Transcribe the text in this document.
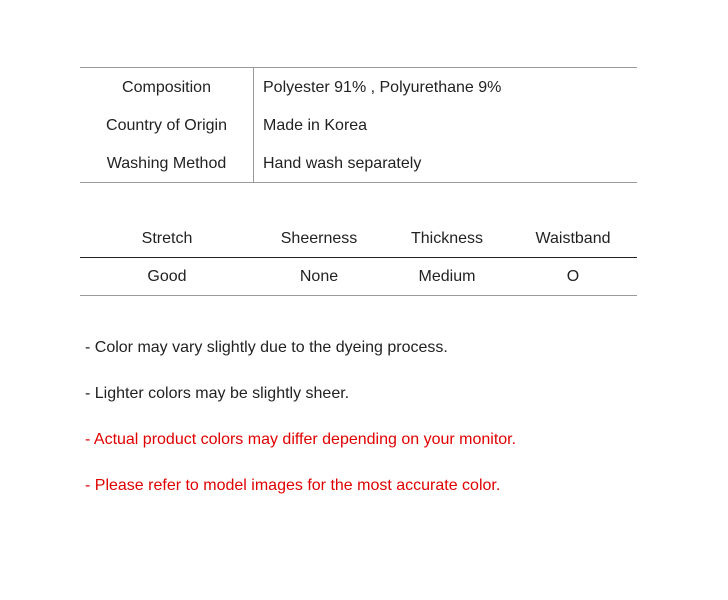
Composition	Polyester 91% , Polyurethane 9%
Country of Origin	Made in Korea
Washing Method	Hand wash separately
Stretch	Sheerness	Thickness	Waistband
Good	None	Medium	O
- Color may vary slightly due to the dyeing process.
- Lighter colors may be slightly sheer.
- Actual product colors may differ depending on your monitor.
- Please refer to model images for the most accurate color.
